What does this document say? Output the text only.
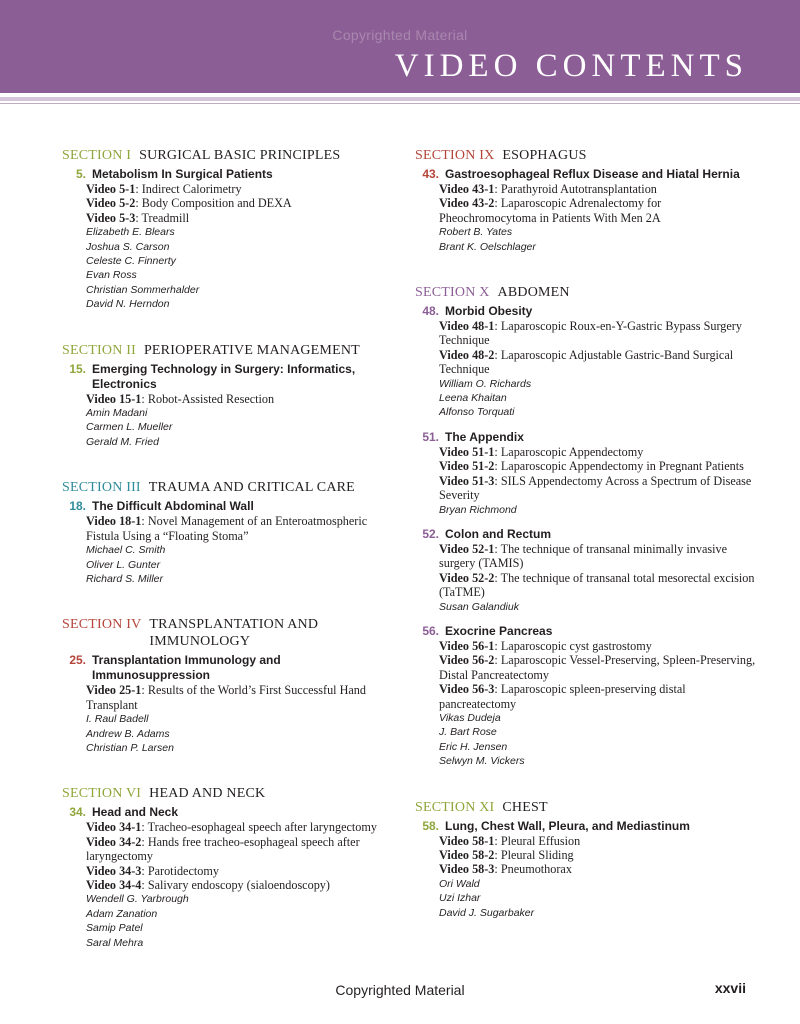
Copyrighted Material
VIDEO CONTENTS
SECTION I SURGICAL BASIC PRINCIPLES
5. Metabolism In Surgical Patients
Video 5-1: Indirect Calorimetry
Video 5-2: Body Composition and DEXA
Video 5-3: Treadmill
Elizabeth E. Blears
Joshua S. Carson
Celeste C. Finnerty
Evan Ross
Christian Sommerhalder
David N. Herndon
SECTION II PERIOPERATIVE MANAGEMENT
15. Emerging Technology in Surgery: Informatics, Electronics
Video 15-1: Robot-Assisted Resection
Amin Madani
Carmen L. Mueller
Gerald M. Fried
SECTION III TRAUMA AND CRITICAL CARE
18. The Difficult Abdominal Wall
Video 18-1: Novel Management of an Enteroatmospheric Fistula Using a “Floating Stoma”
Michael C. Smith
Oliver L. Gunter
Richard S. Miller
SECTION IV TRANSPLANTATION AND IMMUNOLOGY
25. Transplantation Immunology and Immunosuppression
Video 25-1: Results of the World’s First Successful Hand Transplant
I. Raul Badell
Andrew B. Adams
Christian P. Larsen
SECTION VI HEAD AND NECK
34. Head and Neck
Video 34-1: Tracheo-esophageal speech after laryngectomy
Video 34-2: Hands free tracheo-esophageal speech after laryngectomy
Video 34-3: Parotidectomy
Video 34-4: Salivary endoscopy (sialoendoscopy)
Wendell G. Yarbrough
Adam Zanation
Samip Patel
Saral Mehra
SECTION IX ESOPHAGUS
43. Gastroesophageal Reflux Disease and Hiatal Hernia
Video 43-1: Parathyroid Autotransplantation
Video 43-2: Laparoscopic Adrenalectomy for Pheochromocytoma in Patients With Men 2A
Robert B. Yates
Brant K. Oelschlager
SECTION X ABDOMEN
48. Morbid Obesity
Video 48-1: Laparoscopic Roux-en-Y-Gastric Bypass Surgery Technique
Video 48-2: Laparoscopic Adjustable Gastric-Band Surgical Technique
William O. Richards
Leena Khaitan
Alfonso Torquati
51. The Appendix
Video 51-1: Laparoscopic Appendectomy
Video 51-2: Laparoscopic Appendectomy in Pregnant Patients
Video 51-3: SILS Appendectomy Across a Spectrum of Disease Severity
Bryan Richmond
52. Colon and Rectum
Video 52-1: The technique of transanal minimally invasive surgery (TAMIS)
Video 52-2: The technique of transanal total mesorectal excision (TaTME)
Susan Galandiuk
56. Exocrine Pancreas
Video 56-1: Laparoscopic cyst gastrostomy
Video 56-2: Laparoscopic Vessel-Preserving, Spleen-Preserving, Distal Pancreatectomy
Video 56-3: Laparoscopic spleen-preserving distal pancreatectomy
Vikas Dudeja
J. Bart Rose
Eric H. Jensen
Selwyn M. Vickers
SECTION XI CHEST
58. Lung, Chest Wall, Pleura, and Mediastinum
Video 58-1: Pleural Effusion
Video 58-2: Pleural Sliding
Video 58-3: Pneumothorax
Ori Wald
Uzi Izhar
David J. Sugarbaker
Copyrighted Material	xxvii
